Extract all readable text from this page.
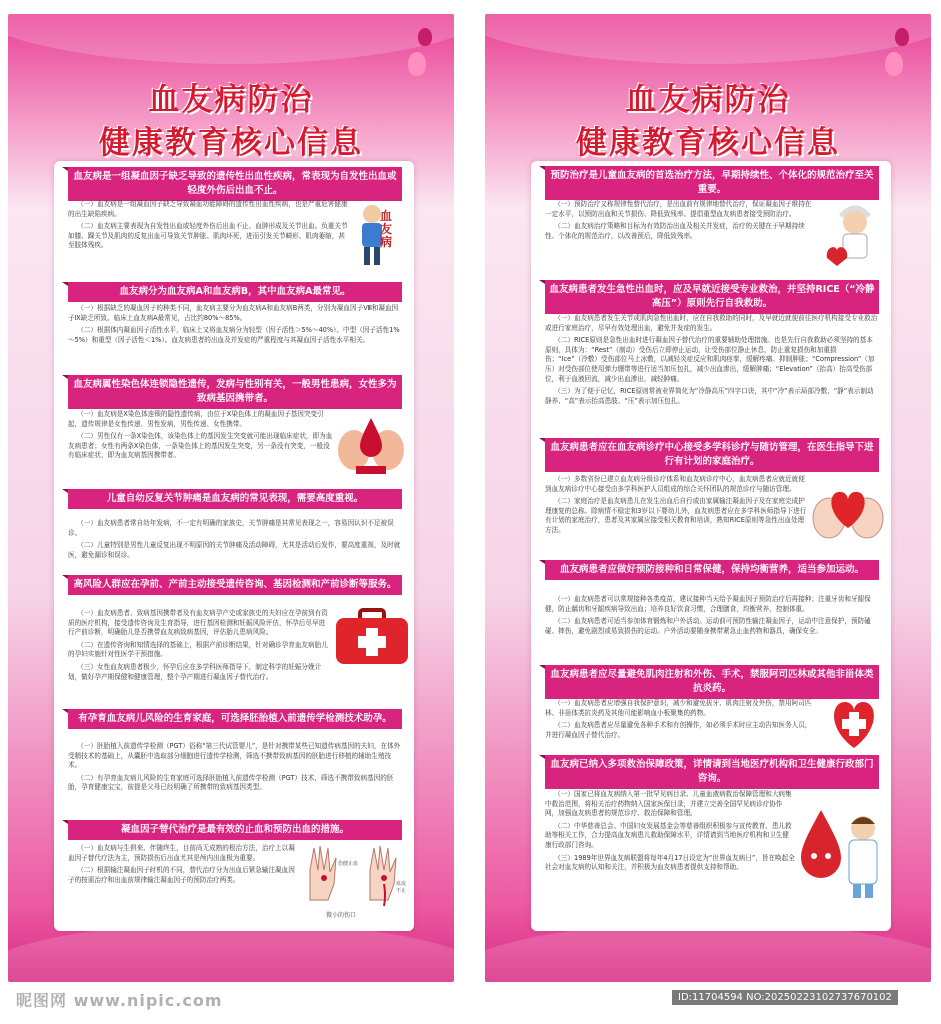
血友病防治
健康教育核心信息
血友病是一组凝血因子缺乏导致的遗传性出血性疾病，常表现为自发性出血或轻度外伤后出血不止。

（一）血友病是一组凝血因子缺乏导致凝血功能障碍的遗传性出血性疾病，也是严重危害健康的出生缺陷疾病。

（二）血友病主要表现为自发性出血或轻度外伤后出血不止、血肿形成及关节出血。负重关节如膝、踝关节及肌肉的反复出血可导致关节肿胀、肌肉坏死，进而引发关节畸形、肌肉萎缩，甚至肢体残疾。

血友病
血友病分为血友病A和血友病B，其中血友病A最常见。

（一）根据缺乏的凝血因子的种类不同，血友病主要分为血友病A和血友病B两类，分别为凝血因子Ⅷ和凝血因子Ⅸ缺乏所致。临床上血友病A最常见，占比约80%～85%。

（二）根据体内凝血因子活性水平，临床上又将血友病分为轻型（因子活性＞5%～40%）、中型（因子活性1%～5%）和重型（因子活性＜1%）。血友病患者的出血及并发症的严重程度与其凝血因子活性水平相关。

血友病属性染色体连锁隐性遗传，发病与性别有关，一般男性患病，女性多为致病基因携带者。

（一）血友病是X染色体连锁的隐性遗传病，由位于X染色体上的凝血因子基因突变引起，遗传规律是女性传递、男性发病，男性传递、女性携带。

（二）男性仅有一条X染色体，该染色体上的基因发生突变就可能出现临床症状，即为血友病患者；女性有两条X染色体，一条染色体上的基因发生突变，另一条没有突变，一般没有临床症状，即为血友病基因携带者。

儿童自幼反复关节肿痛是血友病的常见表现，需要高度重视。

（一）血友病患者常自幼年发病，不一定有明确的家族史，关节肿痛是其常见表现之一，容易因认识不足被误诊。

（二）儿童特别是男性儿童反复出现不明原因的关节肿痛及活动障碍，尤其是活动后发作，要高度重视，及时就医，避免漏诊和误诊。

高风险人群应在孕前、产前主动接受遗传咨询、基因检测和产前诊断等服务。

（一）血友病患者、致病基因携带者及有血友病孕产史或家族史的夫妇应在孕前到有资质的医疗机构，接受遗传咨询及生育指导，进行基因检测和妊娠风险评估，怀孕后尽早进行产前诊断，明确胎儿是否携带血友病致病基因，评估胎儿患病风险。

（二）在遗传咨询和知情选择的基础上，根据产前诊断结果，针对确诊孕育血友病胎儿的孕妇实施针对性医学干预措施。

（三）女性血友病患者极少，怀孕后应在多学科医师指导下，制定科学的妊娠分娩计划，做好孕产期保健和健康管理，整个孕产期进行凝血因子替代治疗。

有孕育血友病儿风险的生育家庭，可选择胚胎植入前遗传学检测技术助孕。

（一）胚胎植入前遗传学检测（PGT）俗称“第三代试管婴儿”，是针对携带某些已知遗传病基因的夫妇，在体外受精技术的基础上，从囊胚中选取部分细胞进行遗传学检测，筛选不携带致病基因的胚胎进行移植的辅助生殖技术。

（二）有孕育血友病儿风险的生育家庭可选择胚胎植入前遗传学检测（PGT）技术，筛选不携带致病基因的胚胎，孕育健康宝宝，前提是父母已经明确了所携带的致病基因类型。

凝血因子替代治疗是最有效的止血和预防出血的措施。

（一）血友病与生俱来、伴随终生，目前尚无成熟的根治方法，治疗上以凝血因子替代疗法为主，预防损伤后出血尤其是颅内出血极为重要。

（二）根据输注凝血因子时机的不同，替代治疗分为出血后紧急输注凝血因子的按需治疗和出血前规律输注凝血因子的预防治疗两类。

伤健止血
血流不止
微小的伤口
血友病防治
健康教育核心信息
预防治疗是儿童血友病的首选治疗方法，早期持续性、个体化的规范治疗至关重要。

（一）预防治疗又称规律性替代治疗，是出血前有规律地替代治疗，保证凝血因子维持在一定水平，以预防出血和关节损伤、降低致残率。提倡重型血友病患者接受预防治疗。

（二）血友病治疗策略和目标为有效防治出血及相关并发症，治疗的关键在于早期持续性、个体化的规范治疗，以改善预后，降低致残率。

血友病患者发生急性出血时，应及早就近接受专业救治，并坚持RICE（“冷静高压”）原则先行自我救助。

（一）血友病患者发生关节或肌肉急性出血时，应在自我救助的同时，及早就近就便前往医疗机构接受专业救治或进行家庭治疗，尽早有效处理出血，避免并发症的发生。

（二）RICE原则是急性出血时进行凝血因子替代治疗的重要辅助处理措施。也是先行自我救助必须坚持的基本原则，具体为：“Rest”（制动）受伤后立即停止运动，让受伤部位静止休息，防止重复损伤和加重损伤；“Ice”（冷敷）受伤部位马上冰敷，以减轻炎症反应和肌肉痉挛，缓解疼痛、抑制肿胀；“Compression”（加压）对受伤部位使用弹力绷带等进行适当加压包扎，减少出血渗出，缓解肿痛；“Elevation”（抬高）抬高受伤部位，利于血液回流，减少出血渗出，减轻肿痛。

（三）为了便于记忆，RICE原则常被业界简化为“冷静高压”四字口诀，其中“冷”表示局部冷敷、“静”表示制动静养、“高”表示抬高患肢、“压”表示加压包扎。

血友病患者应在血友病诊疗中心接受多学科诊疗与随访管理，在医生指导下进行有计划的家庭治疗。

（一）多数省份已建立血友病分级诊疗体系和血友病诊疗中心，血友病患者应就近就便到血友病诊疗中心接受由多学科医护人员组成的综合关怀团队的规范诊疗与随访管理。

（二）家庭治疗是血友病患儿在发生出血后自行或由家属输注凝血因子及在家庭完成护理康复的总称。除病情不稳定和3岁以下婴幼儿外，血友病患者应在多学科医师指导下进行有计划的家庭治疗，患者及其家属应接受相关教育和培训，熟知RICE原则等急性出血处理方法。

血友病患者应做好预防接种和日常保健，保持均衡营养，适当参加运动。

（一）血友病患者可以常规接种各类疫苗，建议接种当天给予凝血因子预防治疗后再接种；注重牙齿和牙龈保健，防止龋齿和牙龈疾病导致出血；培养良好饮食习惯，合理膳食，均衡营养，控制体重。

（二）血友病患者可适当参加体育锻炼和户外活动。运动前可预防性输注凝血因子，运动中注意保护，预防磕碰、摔伤，避免剧烈或易致损伤的运动。户外活动要随身携带紧急止血药物和器具，确保安全。

血友病患者应尽量避免肌肉注射和外伤、手术，禁服阿司匹林或其他非甾体类抗炎药。

（一）血友病患者应增强自我保护意识，减少和避免拔牙、肌肉注射及外伤，禁用阿司匹林、非甾体类抗炎药及其他可能影响血小板聚集的药物。

（二）血友病患者应尽量避免各种手术和有创操作，如必须手术时应主动告知医务人员，并进行凝血因子替代治疗。

血友病已纳入多项救治保障政策，详情请到当地医疗机构和卫生健康行政部门咨询。

（一）国家已将血友病纳入第一批罕见病目录、儿童血液病救治保障管理和大病集中救治范围，将相关治疗药物纳入国家医保目录，并建立完善全国罕见病诊疗协作网，加强血友病患者的规范诊疗、救治保障和管理。

（二）中华慈善总会、中国妇女发展基金会等慈善组织积极参与宣传教育、患儿救助等相关工作，合力提高血友病患儿救助保障水平，详情请到当地医疗机构和卫生健康行政部门咨询。

（三）1989年世界血友病联盟将每年4月17日设定为“世界血友病日”，旨在唤起全社会对血友病的认知和关注，并积极为血友病患者提供支持和帮助。

昵图网 www.nipic.com	ID:11704594 NO:20250223102737670102
